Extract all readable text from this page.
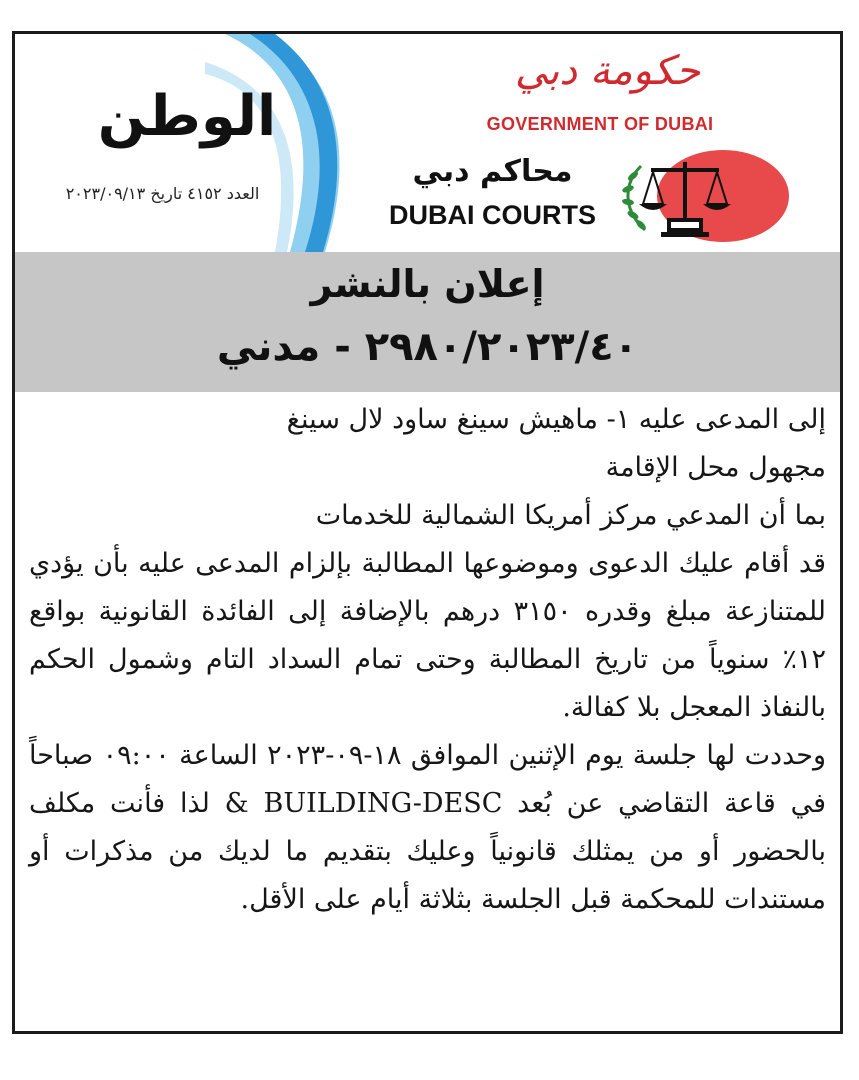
الوطن
العدد ٤١٥٢ تاريخ ٢٠٢٣/٠٩/١٣
حكومة دبي
GOVERNMENT OF DUBAI
محاكم دبي
DUBAI COURTS
إعلان بالنشر
٢٩٨٠/٢٠٢٣/٤٠ - مدني

إلى المدعى عليه ١- ماهيش سينغ ساود لال سينغ

مجهول محل الإقامة

بما أن المدعي مركز أمريكا الشمالية للخدمات

قد أقام عليك الدعوى وموضوعها المطالبة بإلزام المدعى عليه بأن يؤدي للمتنازعة مبلغ وقدره ٣١٥٠ درهم بالإضافة إلى الفائدة القانونية بواقع ١٢٪ سنوياً من تاريخ المطالبة وحتى تمام السداد التام وشمول الحكم بالنفاذ المعجل بلا كفالة.

وحددت لها جلسة يوم الإثنين الموافق ١٨-٠٩-٢٠٢٣ الساعة ٠٩:٠٠ صباحاً في قاعة التقاضي عن بُعد BUILDING-DESC & لذا فأنت مكلف بالحضور أو من يمثلك قانونياً وعليك بتقديم ما لديك من مذكرات أو مستندات للمحكمة قبل الجلسة بثلاثة أيام على الأقل.
